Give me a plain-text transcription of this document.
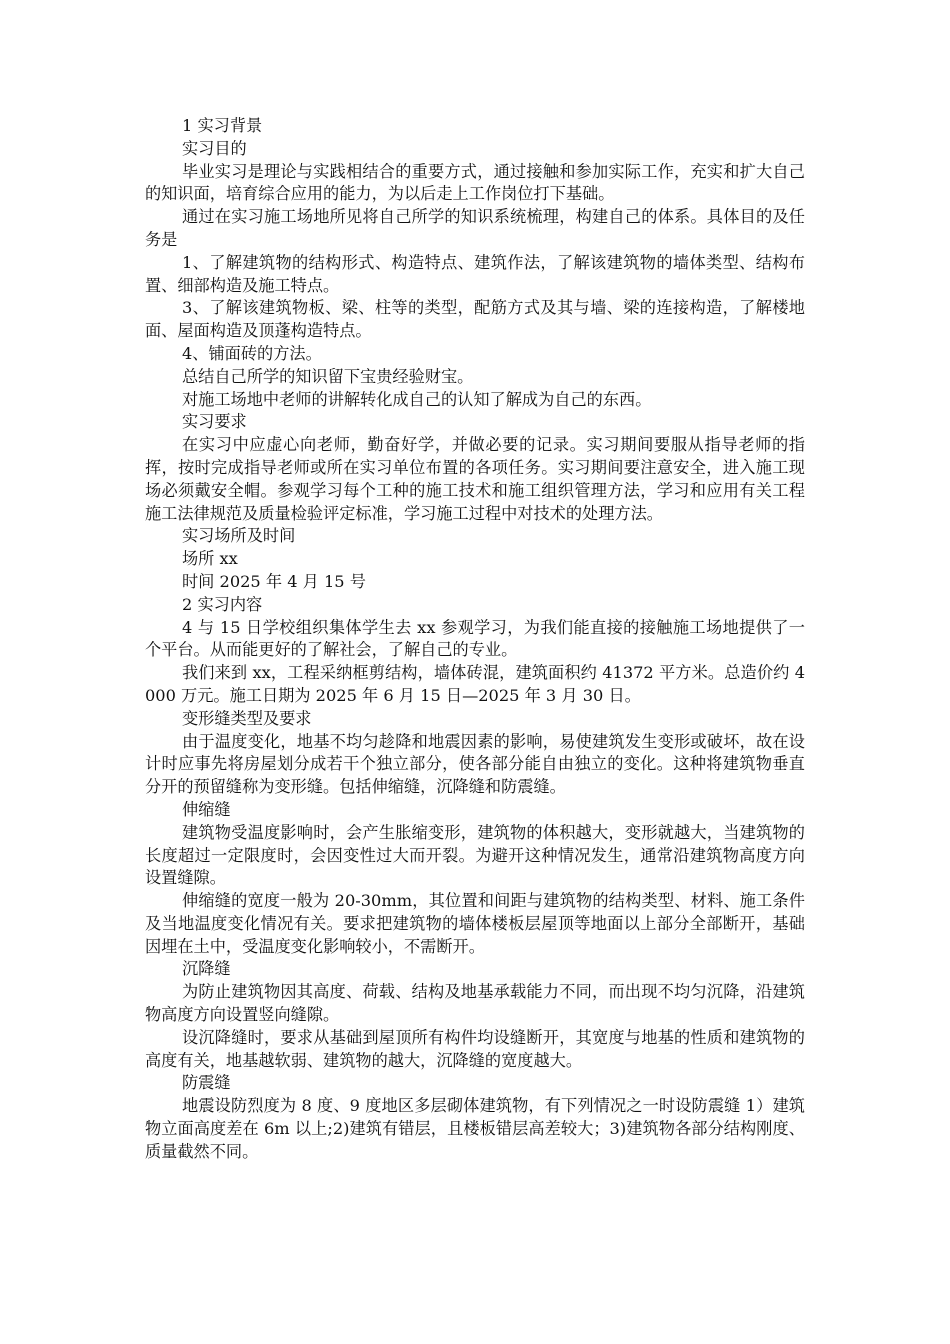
1 实习背景

实习目的

毕业实习是理论与实践相结合的重要方式，通过接触和参加实际工作，充实和扩大自己的知识面，培育综合应用的能力，为以后走上工作岗位打下基础。

通过在实习施工场地所见将自己所学的知识系统梳理，构建自己的体系。具体目的及任务是

1、了解建筑物的结构形式、构造特点、建筑作法，了解该建筑物的墙体类型、结构布置、细部构造及施工特点。

3、了解该建筑物板、梁、柱等的类型，配筋方式及其与墙、梁的连接构造，了解楼地面、屋面构造及顶蓬构造特点。

4、铺面砖的方法。

总结自己所学的知识留下宝贵经验财宝。

对施工场地中老师的讲解转化成自己的认知了解成为自己的东西。

实习要求

在实习中应虚心向老师，勤奋好学，并做必要的记录。实习期间要服从指导老师的指挥，按时完成指导老师或所在实习单位布置的各项任务。实习期间要注意安全，进入施工现场必须戴安全帽。参观学习每个工种的施工技术和施工组织管理方法，学习和应用有关工程施工法律规范及质量检验评定标准，学习施工过程中对技术的处理方法。

实习场所及时间

场所 xx

时间 2025 年 4 月 15 号

2 实习内容

4 与 15 日学校组织集体学生去 xx 参观学习，为我们能直接的接触施工场地提供了一个平台。从而能更好的了解社会，了解自己的专业。

我们来到 xx，工程采纳框剪结构，墙体砖混，建筑面积约 41372 平方米。总造价约 4000 万元。施工日期为 2025 年 6 月 15 日—2025 年 3 月 30 日。

变形缝类型及要求

由于温度变化，地基不均匀趁降和地震因素的影响，易使建筑发生变形或破坏，故在设计时应事先将房屋划分成若干个独立部分，使各部分能自由独立的变化。这种将建筑物垂直分开的预留缝称为变形缝。包括伸缩缝，沉降缝和防震缝。

伸缩缝

建筑物受温度影响时，会产生胀缩变形，建筑物的体积越大，变形就越大，当建筑物的长度超过一定限度时，会因变性过大而开裂。为避开这种情况发生，通常沿建筑物高度方向设置缝隙。

伸缩缝的宽度一般为 20-30mm，其位置和间距与建筑物的结构类型、材料、施工条件及当地温度变化情况有关。要求把建筑物的墙体楼板层屋顶等地面以上部分全部断开，基础因埋在土中，受温度变化影响较小，不需断开。

沉降缝

为防止建筑物因其高度、荷载、结构及地基承载能力不同，而出现不均匀沉降，沿建筑物高度方向设置竖向缝隙。

设沉降缝时，要求从基础到屋顶所有构件均设缝断开，其宽度与地基的性质和建筑物的高度有关，地基越软弱、建筑物的越大，沉降缝的宽度越大。

防震缝

地震设防烈度为 8 度、9 度地区多层砌体建筑物，有下列情况之一时设防震缝 1）建筑物立面高度差在 6m 以上;2)建筑有错层，且楼板错层高差较大；3)建筑物各部分结构刚度、质量截然不同。
